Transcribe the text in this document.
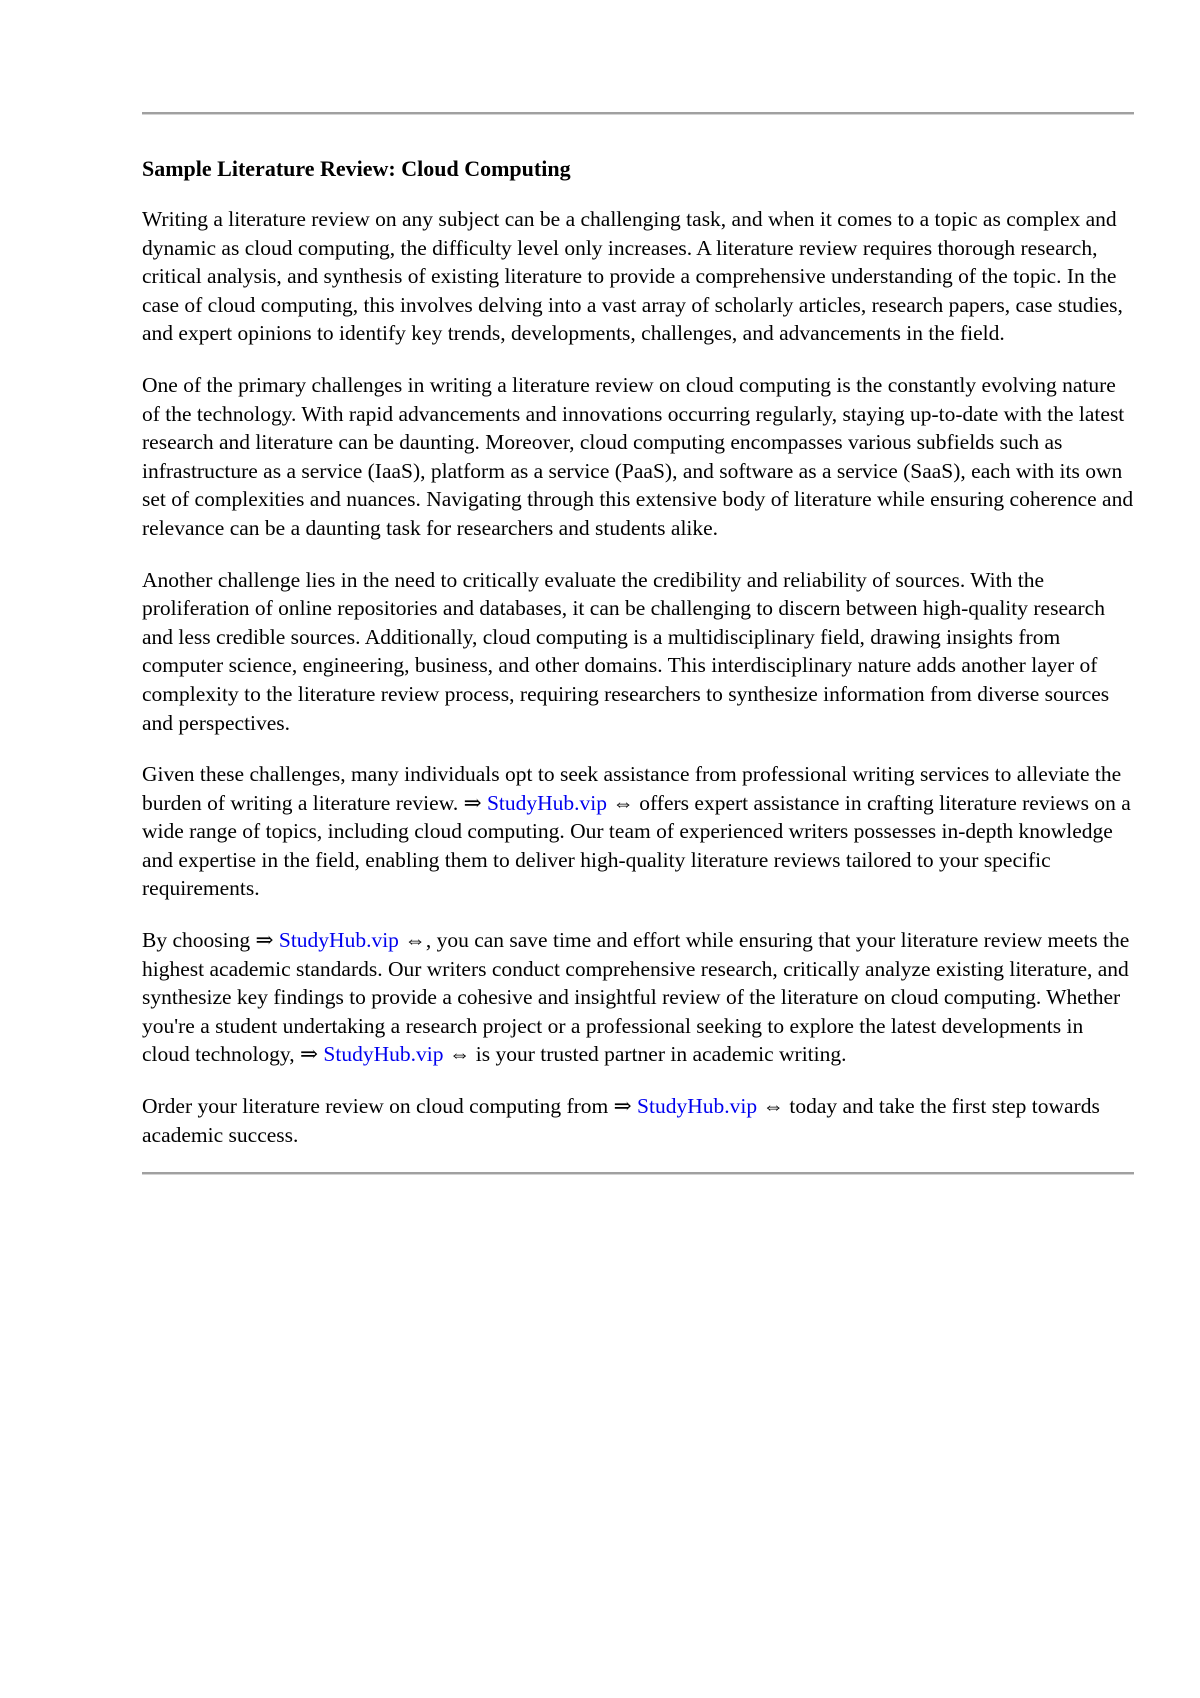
Sample Literature Review: Cloud Computing

Writing a literature review on any subject can be a challenging task, and when it comes to a topic as complex and dynamic as cloud computing, the difficulty level only increases. A literature review requires thorough research, critical analysis, and synthesis of existing literature to provide a comprehensive understanding of the topic. In the case of cloud computing, this involves delving into a vast array of scholarly articles, research papers, case studies, and expert opinions to identify key trends, developments, challenges, and advancements in the field.

One of the primary challenges in writing a literature review on cloud computing is the constantly evolving nature of the technology. With rapid advancements and innovations occurring regularly, staying up-to-date with the latest research and literature can be daunting. Moreover, cloud computing encompasses various subfields such as infrastructure as a service (IaaS), platform as a service (PaaS), and software as a service (SaaS), each with its own set of complexities and nuances. Navigating through this extensive body of literature while ensuring coherence and relevance can be a daunting task for researchers and students alike.

Another challenge lies in the need to critically evaluate the credibility and reliability of sources. With the proliferation of online repositories and databases, it can be challenging to discern between high-quality research and less credible sources. Additionally, cloud computing is a multidisciplinary field, drawing insights from computer science, engineering, business, and other domains. This interdisciplinary nature adds another layer of complexity to the literature review process, requiring researchers to synthesize information from diverse sources and perspectives.

Given these challenges, many individuals opt to seek assistance from professional writing services to alleviate the burden of writing a literature review. ⇒ StudyHub.vip ⇔ offers expert assistance in crafting literature reviews on a wide range of topics, including cloud computing. Our team of experienced writers possesses in-depth knowledge and expertise in the field, enabling them to deliver high-quality literature reviews tailored to your specific requirements.

By choosing ⇒ StudyHub.vip ⇔, you can save time and effort while ensuring that your literature review meets the highest academic standards. Our writers conduct comprehensive research, critically analyze existing literature, and synthesize key findings to provide a cohesive and insightful review of the literature on cloud computing. Whether you're a student undertaking a research project or a professional seeking to explore the latest developments in cloud technology, ⇒ StudyHub.vip ⇔ is your trusted partner in academic writing.

Order your literature review on cloud computing from ⇒ StudyHub.vip ⇔ today and take the first step towards academic success.
